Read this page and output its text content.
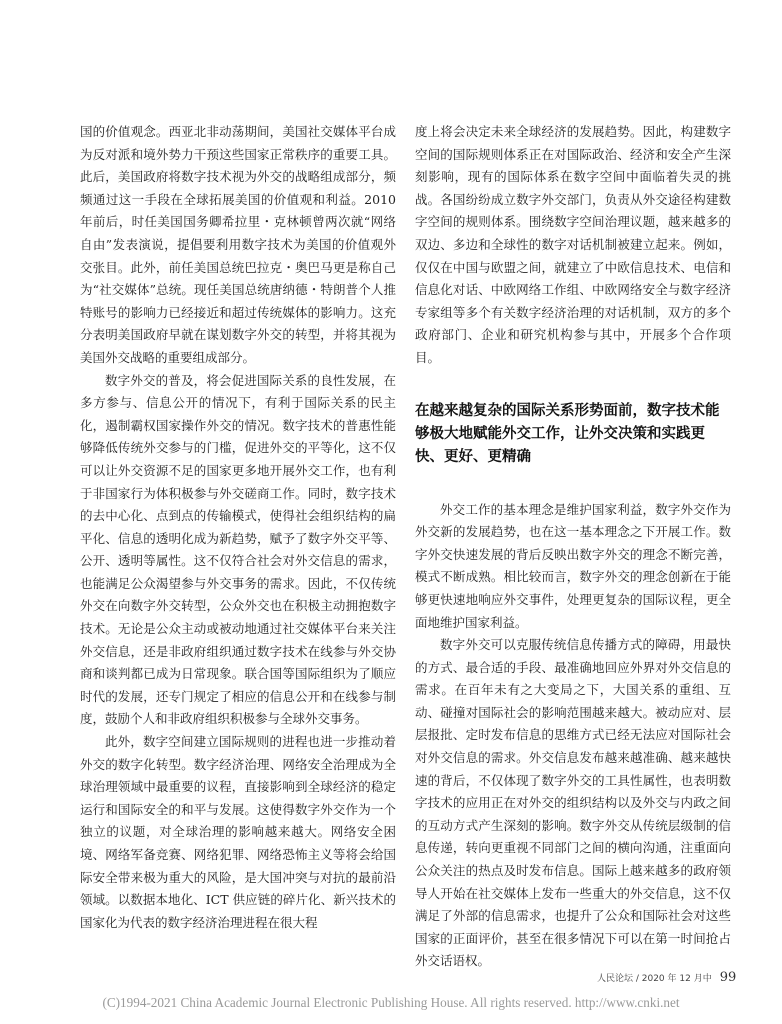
国的价值观念。西亚北非动荡期间，美国社交媒体平台成为反对派和境外势力干预这些国家正常秩序的重要工具。此后，美国政府将数字技术视为外交的战略组成部分，频频通过这一手段在全球拓展美国的价值观和利益。2010 年前后，时任美国国务卿希拉里・克林顿曾两次就“网络自由”发表演说，提倡要利用数字技术为美国的价值观外交张目。此外，前任美国总统巴拉克・奥巴马更是称自己为“社交媒体”总统。现任美国总统唐纳德・特朗普个人推特账号的影响力已经接近和超过传统媒体的影响力。这充分表明美国政府早就在谋划数字外交的转型，并将其视为美国外交战略的重要组成部分。

数字外交的普及，将会促进国际关系的良性发展，在多方参与、信息公开的情况下，有利于国际关系的民主化，遏制霸权国家操作外交的情况。数字技术的普惠性能够降低传统外交参与的门槛，促进外交的平等化，这不仅可以让外交资源不足的国家更多地开展外交工作，也有利于非国家行为体积极参与外交磋商工作。同时，数字技术的去中心化、点到点的传输模式，使得社会组织结构的扁平化、信息的透明化成为新趋势，赋予了数字外交平等、公开、透明等属性。这不仅符合社会对外交信息的需求，也能满足公众渴望参与外交事务的需求。因此，不仅传统外交在向数字外交转型，公众外交也在积极主动拥抱数字技术。无论是公众主动或被动地通过社交媒体平台来关注外交信息，还是非政府组织通过数字技术在线参与外交协商和谈判都已成为日常现象。联合国等国际组织为了顺应时代的发展，还专门规定了相应的信息公开和在线参与制度，鼓励个人和非政府组织积极参与全球外交事务。

此外，数字空间建立国际规则的进程也进一步推动着外交的数字化转型。数字经济治理、网络安全治理成为全球治理领域中最重要的议程，直接影响到全球经济的稳定运行和国际安全的和平与发展。这使得数字外交作为一个独立的议题，对全球治理的影响越来越大。网络安全困境、网络军备竞赛、网络犯罪、网络恐怖主义等将会给国际安全带来极为重大的风险，是大国冲突与对抗的最前沿领域。以数据本地化、ICT 供应链的碎片化、新兴技术的国家化为代表的数字经济治理进程在很大程

度上将会决定未来全球经济的发展趋势。因此，构建数字空间的国际规则体系正在对国际政治、经济和安全产生深刻影响，现有的国际体系在数字空间中面临着失灵的挑战。各国纷纷成立数字外交部门，负责从外交途径构建数字空间的规则体系。围绕数字空间治理议题，越来越多的双边、多边和全球性的数字对话机制被建立起来。例如，仅仅在中国与欧盟之间，就建立了中欧信息技术、电信和信息化对话、中欧网络工作组、中欧网络安全与数字经济专家组等多个有关数字经济治理的对话机制，双方的多个政府部门、企业和研究机构参与其中，开展多个合作项目。

在越来越复杂的国际关系形势面前，数字技术能够极大地赋能外交工作，让外交决策和实践更快、更好、更精确

外交工作的基本理念是维护国家利益，数字外交作为外交新的发展趋势，也在这一基本理念之下开展工作。数字外交快速发展的背后反映出数字外交的理念不断完善，模式不断成熟。相比较而言，数字外交的理念创新在于能够更快速地响应外交事件，处理更复杂的国际议程，更全面地维护国家利益。

数字外交可以克服传统信息传播方式的障碍，用最快的方式、最合适的手段、最准确地回应外界对外交信息的需求。在百年未有之大变局之下，大国关系的重组、互动、碰撞对国际社会的影响范围越来越大。被动应对、层层报批、定时发布信息的思维方式已经无法应对国际社会对外交信息的需求。外交信息发布越来越准确、越来越快速的背后，不仅体现了数字外交的工具性属性，也表明数字技术的应用正在对外交的组织结构以及外交与内政之间的互动方式产生深刻的影响。数字外交从传统层级制的信息传递，转向更重视不同部门之间的横向沟通，注重面向公众关注的热点及时发布信息。国际上越来越多的政府领导人开始在社交媒体上发布一些重大的外交信息，这不仅满足了外部的信息需求，也提升了公众和国际社会对这些国家的正面评价，甚至在很多情况下可以在第一时间抢占外交话语权。

人民论坛 / 2020 年 12 月中 99
(C)1994-2021 China Academic Journal Electronic Publishing House. All rights reserved. http://www.cnki.net
